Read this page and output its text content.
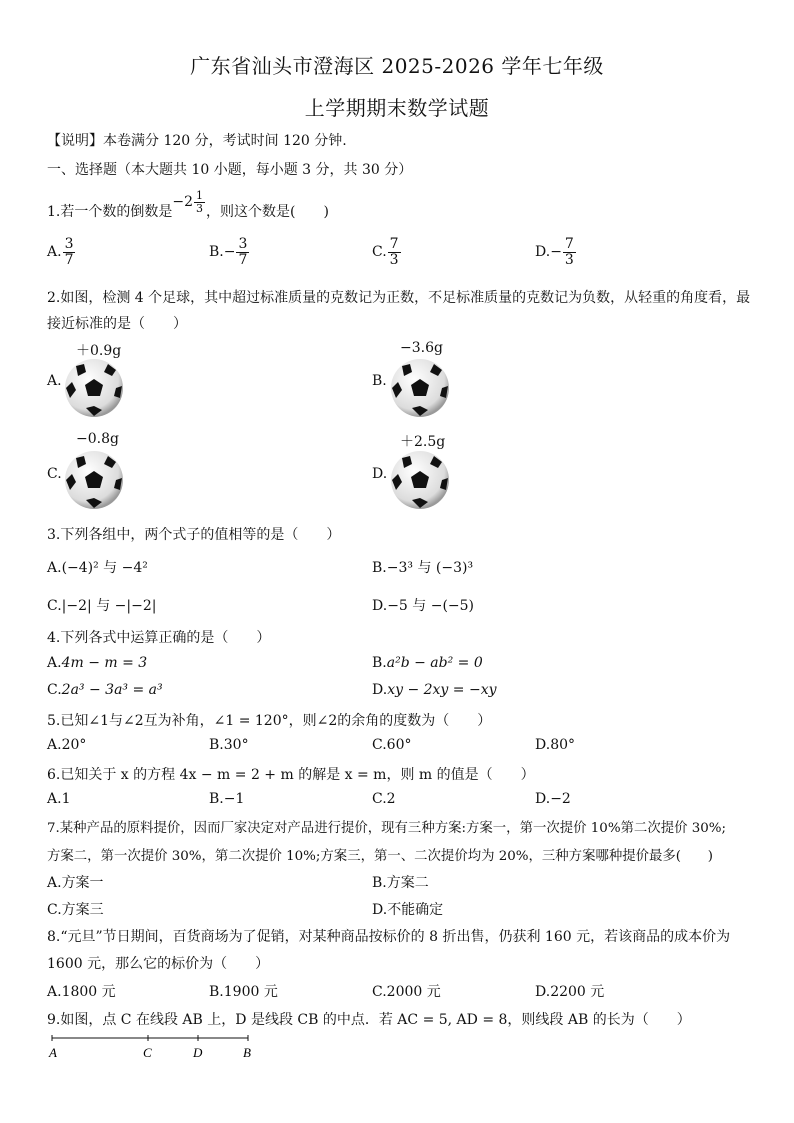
广东省汕头市澄海区 2025-2026 学年七年级
上学期期末数学试题
【说明】本卷满分 120 分，考试时间 120 分钟.
一、选择题（本大题共 10 小题，每小题 3 分，共 30 分）
1.若一个数的倒数是
$-2 \frac{1}{3}$ ，则这个数是(　　)
A. $\frac{3}{7}$	$B.- \frac{3}{7}$	C. $\frac{7}{3}$	$D.- \frac{7}{3}$
2.如图，检测 4 个足球，其中超过标准质量的克数记为正数，不足标准质量的克数记为负数，从轻重的角度看，最
接近标准的是（　　）
＋0.9g
A.
−3.6g
B.
−0.8g
C.
＋2.5g
D.
3.下列各组中，两个式子的值相等的是（　　）
A.(−4)² 与 −4²	B.−3³ 与 (−3)³
C.|−2| 与 −|−2|	D.−5 与 −(−5)
4.下列各式中运算正确的是（　　）
A.4m − m = 3	B.a²b − ab² = 0
C.2a³ − 3a³ = a³	D.xy − 2xy = −xy
5.已知∠1与∠2互为补角，∠1 = 120°，则∠2的余角的度数为（　　）
A.20°	B.30°	C.60°	D.80°
6.已知关于 x 的方程 4x − m = 2 + m 的解是 x = m，则 m 的值是（　　）
A.1	B.−1	C.2	D.−2
7.某种产品的原料提价，因而厂家决定对产品进行提价，现有三种方案:方案一，第一次提价 10%第二次提价 30%;
方案二，第一次提价 30%，第二次提价 10%;方案三，第一、二次提价均为 20%，三种方案哪种提价最多(　　)
A.方案一	B.方案二
C.方案三	D.不能确定
8.“元旦”节日期间，百货商场为了促销，对某种商品按标价的 8 折出售，仍获利 160 元，若该商品的成本价为
1600 元，那么它的标价为（　　）
A.1800 元	B.1900 元	C.2000 元	D.2200 元
9.如图，点 C 在线段 AB 上，D 是线段 CB 的中点．若 AC = 5, AD = 8，则线段 AB 的长为（　　）
A	C	D	B
